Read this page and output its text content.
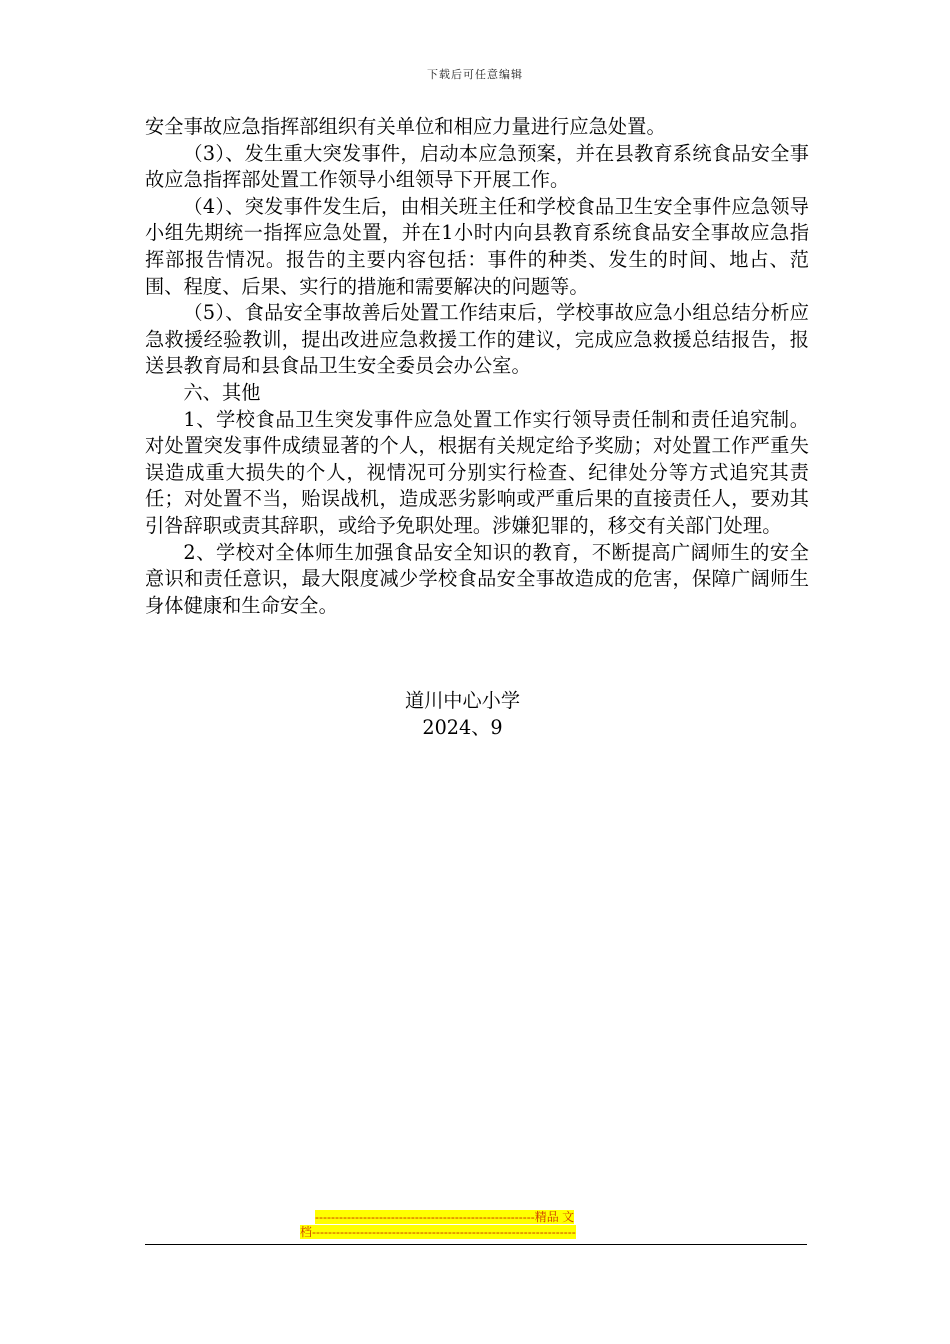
下载后可任意编辑

安全事故应急指挥部组织有关单位和相应力量进行应急处置。

（3）、发生重大突发事件，启动本应急预案，并在县教育系统食品安全事故应急指挥部处置工作领导小组领导下开展工作。

（4）、突发事件发生后，由相关班主任和学校食品卫生安全事件应急领导小组先期统一指挥应急处置，并在1小时内向县教育系统食品安全事故应急指挥部报告情况。报告的主要内容包括：事件的种类、发生的时间、地占、范围、程度、后果、实行的措施和需要解决的问题等。

（5）、食品安全事故善后处置工作结束后，学校事故应急小组总结分析应急救援经验教训，提出改进应急救援工作的建议，完成应急救援总结报告，报送县教育局和县食品卫生安全委员会办公室。

六、其他

1、学校食品卫生突发事件应急处置工作实行领导责任制和责任追究制。对处置突发事件成绩显著的个人，根据有关规定给予奖励；对处置工作严重失误造成重大损失的个人，视情况可分别实行检查、纪律处分等方式追究其责任；对处置不当，贻误战机，造成恶劣影响或严重后果的直接责任人，要劝其引咎辞职或责其辞职，或给予免职处理。涉嫌犯罪的，移交有关部门处理。

2、学校对全体师生加强食品安全知识的教育，不断提高广阔师生的安全意识和责任意识，最大限度减少学校食品安全事故造成的危害，保障广阔师生身体健康和生命安全。

道川中心小学
2024、9
-------------------------------------------------------精品 文
档------------------------------------------------------------------
